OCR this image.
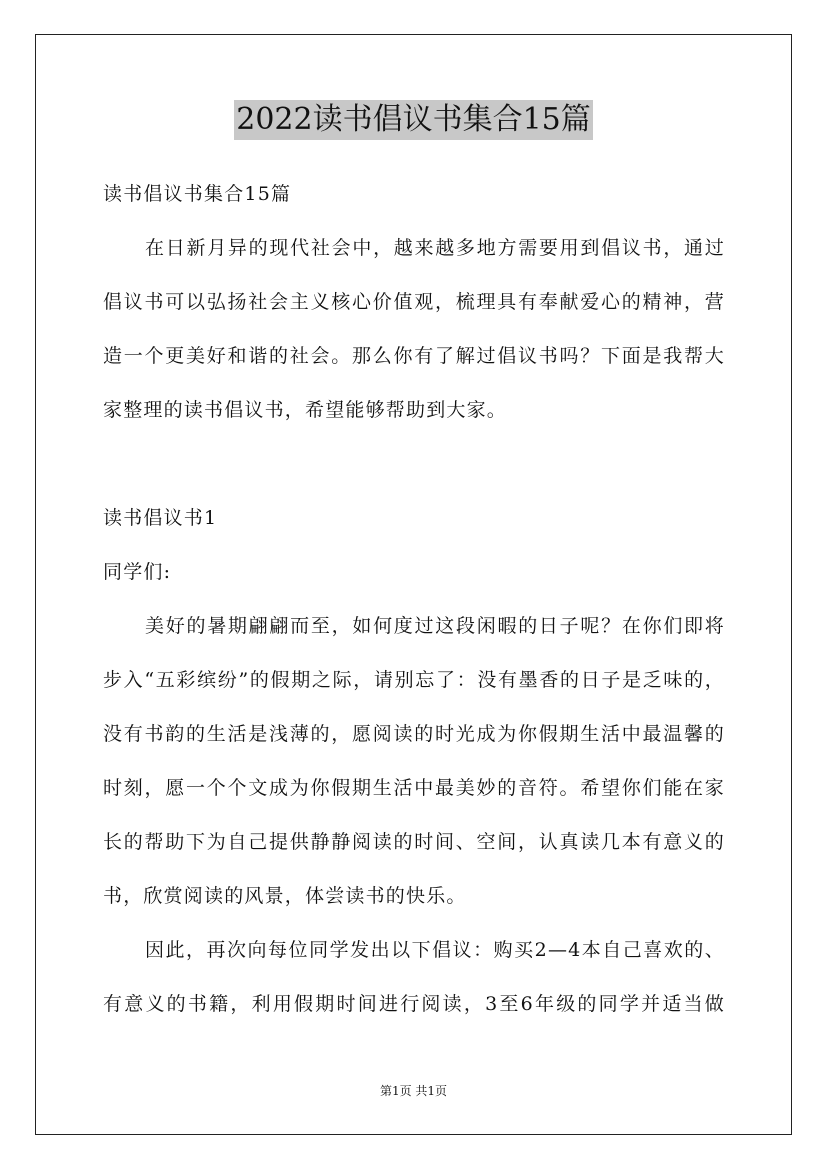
2022读书倡议书集合15篇
读书倡议书集合15篇
在日新月异的现代社会中，越来越多地方需要用到倡议书，通过
倡议书可以弘扬社会主义核心价值观，梳理具有奉献爱心的精神，营
造一个更美好和谐的社会。那么你有了解过倡议书吗？下面是我帮大
家整理的读书倡议书，希望能够帮助到大家。
读书倡议书1
同学们:
美好的暑期翩翩而至，如何度过这段闲暇的日子呢？在你们即将
步入“五彩缤纷”的假期之际，请别忘了：没有墨香的日子是乏味的，
没有书韵的生活是浅薄的，愿阅读的时光成为你假期生活中最温馨的
时刻，愿一个个文成为你假期生活中最美妙的音符。希望你们能在家
长的帮助下为自己提供静静阅读的时间、空间，认真读几本有意义的
书，欣赏阅读的风景，体尝读书的快乐。
因此，再次向每位同学发出以下倡议：购买2—4本自己喜欢的、
有意义的书籍，利用假期时间进行阅读，3至6年级的同学并适当做
第1页 共1页
